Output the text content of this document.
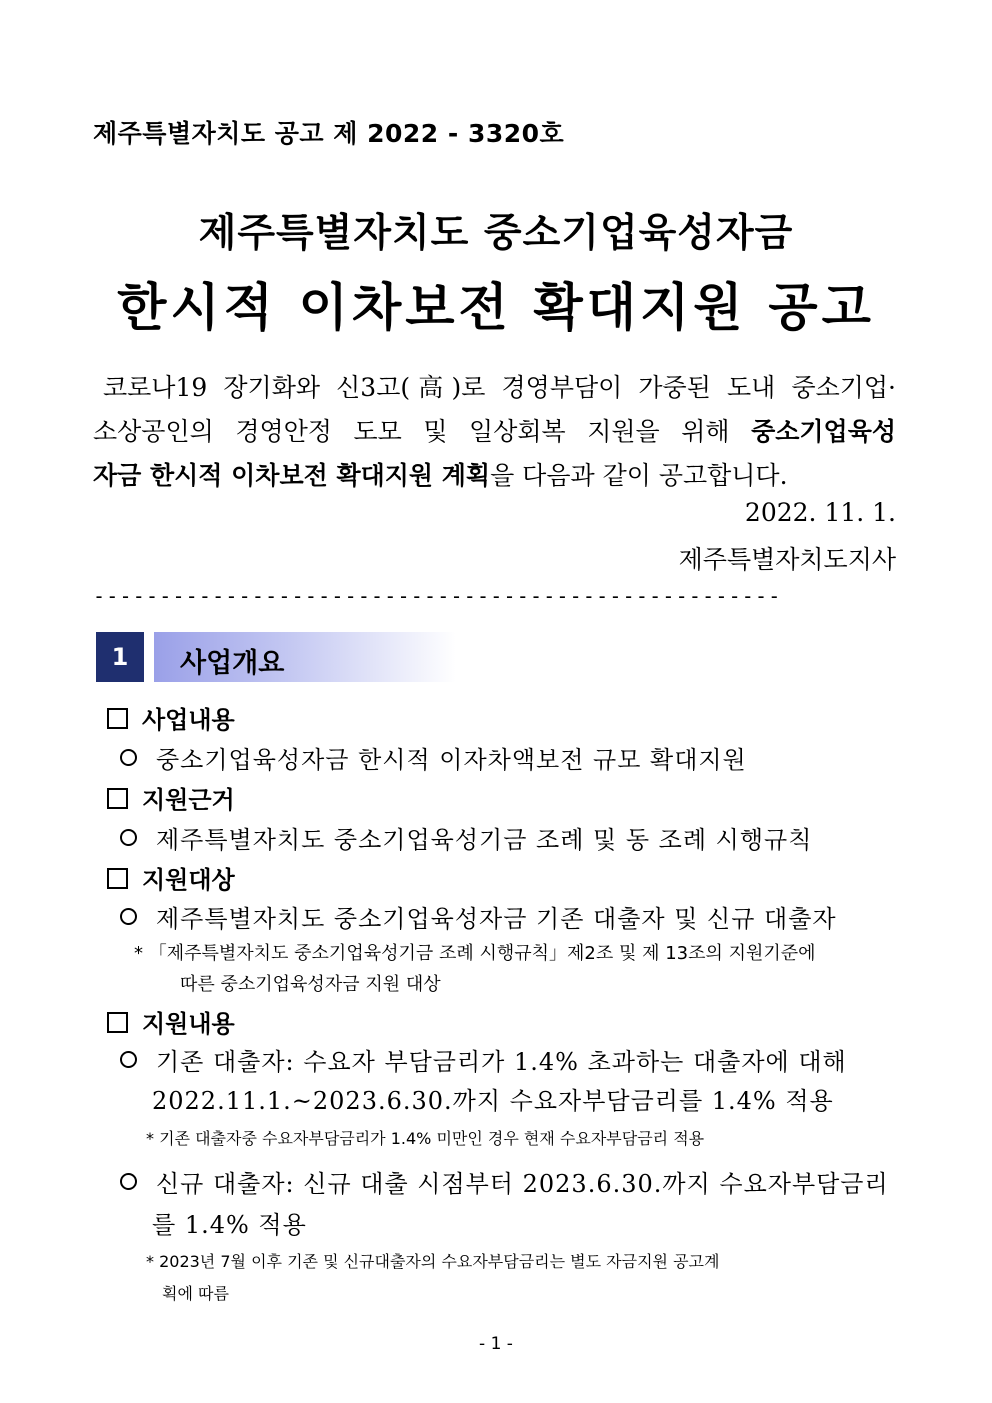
제주특별자치도 공고 제 2022 - 3320호
제주특별자치도 중소기업육성자금
한시적 이차보전 확대지원 공고
코로나19 장기화와 신3고(高)로 경영부담이 가중된 도내 중소기업·
소상공인의 경영안정 도모 및 일상회복 지원을 위해 중소기업육성
자금 한시적 이차보전 확대지원 계획을 다음과 같이 공고합니다.
2022. 11. 1.
제주특별자치도지사
----------------------------------------------------
1	사업개요
사업내용
중소기업육성자금 한시적 이자차액보전 규모 확대지원
지원근거
제주특별자치도 중소기업육성기금 조례 및 동 조례 시행규칙
지원대상
제주특별자치도 중소기업육성자금 기존 대출자 및 신규 대출자
* 「제주특별자치도 중소기업육성기금 조례 시행규칙」제2조 및 제 13조의 지원기준에
따른 중소기업육성자금 지원 대상
지원내용
기존 대출자: 수요자 부담금리가 1.4% 초과하는 대출자에 대해
2022.11.1.~2023.6.30.까지 수요자부담금리를 1.4% 적용
* 기존 대출자중 수요자부담금리가 1.4% 미만인 경우 현재 수요자부담금리 적용
신규 대출자: 신규 대출 시점부터 2023.6.30.까지 수요자부담금리
를 1.4% 적용
* 2023년 7월 이후 기존 및 신규대출자의 수요자부담금리는 별도 자금지원 공고계
획에 따름
- 1 -
